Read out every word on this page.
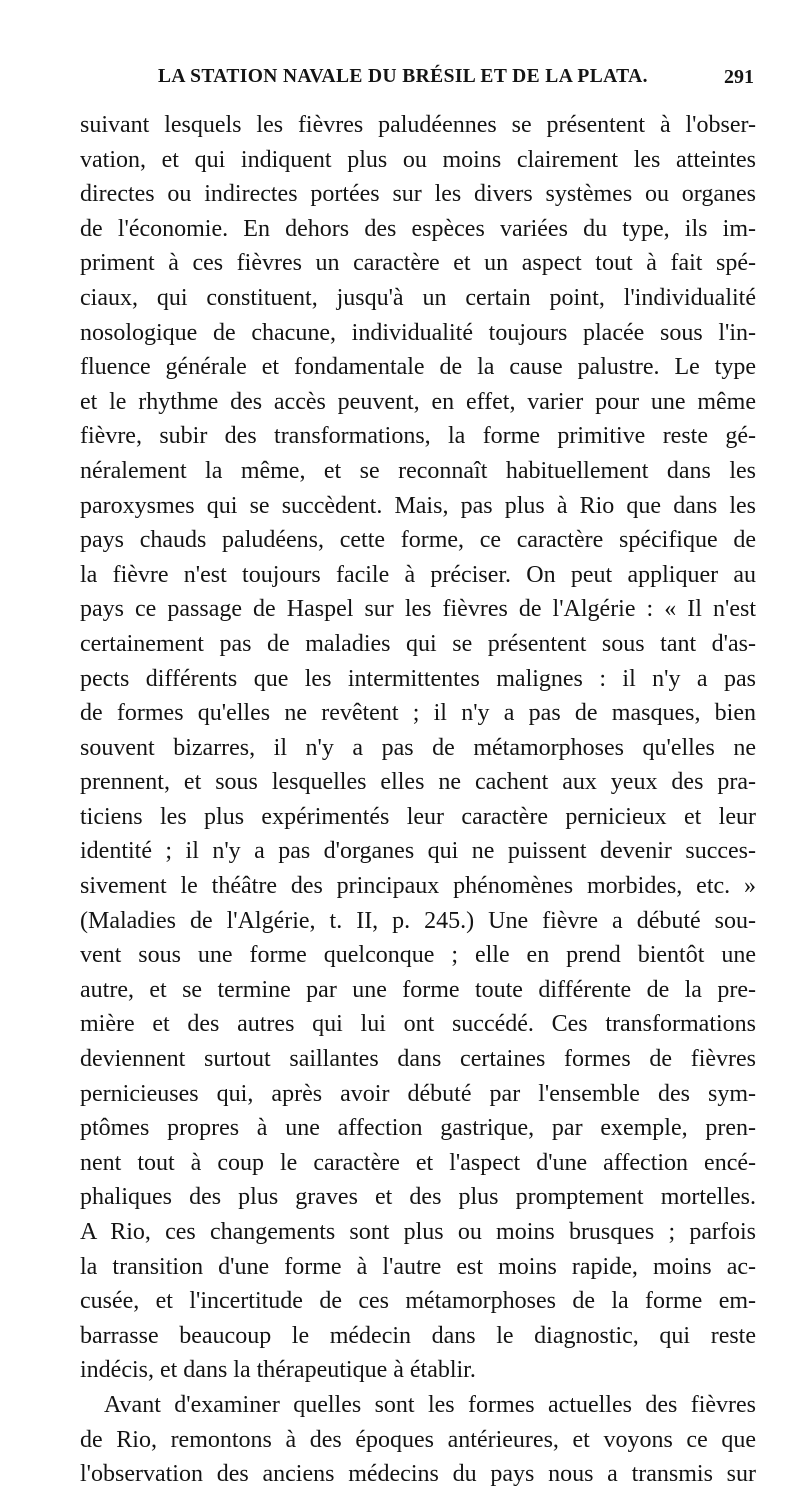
LA STATION NAVALE DU BRÉSIL ET DE LA PLATA.	291
suivant lesquels les fièvres paludéennes se présentent à l'obser-
vation, et qui indiquent plus ou moins clairement les atteintes
directes ou indirectes portées sur les divers systèmes ou organes
de l'économie. En dehors des espèces variées du type, ils im-
priment à ces fièvres un caractère et un aspect tout à fait spé-
ciaux, qui constituent, jusqu'à un certain point, l'individualité
nosologique de chacune, individualité toujours placée sous l'in-
fluence générale et fondamentale de la cause palustre. Le type
et le rhythme des accès peuvent, en effet, varier pour une même
fièvre, subir des transformations, la forme primitive reste gé-
néralement la même, et se reconnaît habituellement dans les
paroxysmes qui se succèdent. Mais, pas plus à Rio que dans les
pays chauds paludéens, cette forme, ce caractère spécifique de
la fièvre n'est toujours facile à préciser. On peut appliquer au
pays ce passage de Haspel sur les fièvres de l'Algérie : « Il n'est
certainement pas de maladies qui se présentent sous tant d'as-
pects différents que les intermittentes malignes : il n'y a pas
de formes qu'elles ne revêtent ; il n'y a pas de masques, bien
souvent bizarres, il n'y a pas de métamorphoses qu'elles ne
prennent, et sous lesquelles elles ne cachent aux yeux des pra-
ticiens les plus expérimentés leur caractère pernicieux et leur
identité ; il n'y a pas d'organes qui ne puissent devenir succes-
sivement le théâtre des principaux phénomènes morbides, etc. »
(Maladies de l'Algérie, t. II, p. 245.) Une fièvre a débuté sou-
vent sous une forme quelconque ; elle en prend bientôt une
autre, et se termine par une forme toute différente de la pre-
mière et des autres qui lui ont succédé. Ces transformations
deviennent surtout saillantes dans certaines formes de fièvres
pernicieuses qui, après avoir débuté par l'ensemble des sym-
ptômes propres à une affection gastrique, par exemple, pren-
nent tout à coup le caractère et l'aspect d'une affection encé-
phaliques des plus graves et des plus promptement mortelles.
A Rio, ces changements sont plus ou moins brusques ; parfois
la transition d'une forme à l'autre est moins rapide, moins ac-
cusée, et l'incertitude de ces métamorphoses de la forme em-
barrasse beaucoup le médecin dans le diagnostic, qui reste
indécis, et dans la thérapeutique à établir.
Avant d'examiner quelles sont les formes actuelles des fièvres
de Rio, remontons à des époques antérieures, et voyons ce que
l'observation des anciens médecins du pays nous a transmis sur
